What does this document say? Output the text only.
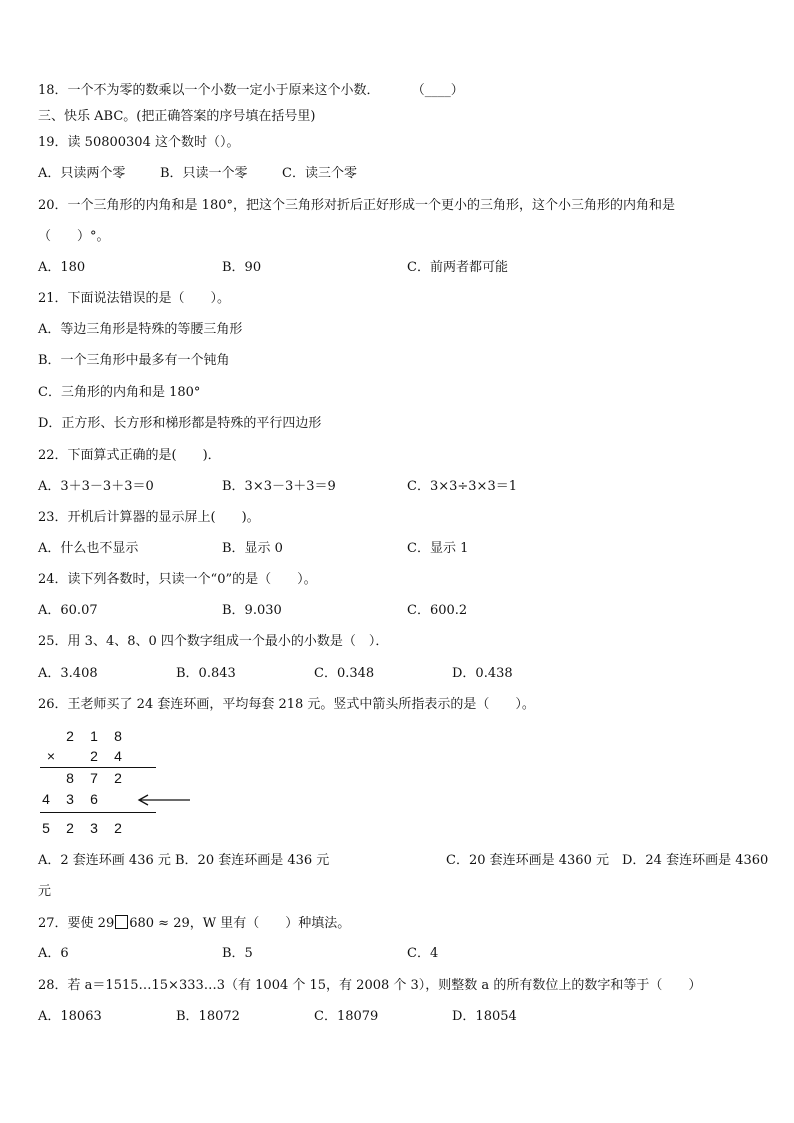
18．一个不为零的数乘以一个小数一定小于原来这个小数． （____）
三、快乐 ABC。(把正确答案的序号填在括号里)
19．读 50800304 这个数时（）。
A．只读两个零	B．只读一个零	C．读三个零
20．一个三角形的内角和是 180°，把这个三角形对折后正好形成一个更小的三角形，这个小三角形的内角和是
（　　）°。
A．180	B．90	C．前两者都可能
21．下面说法错误的是（　　）。
A．等边三角形是特殊的等腰三角形
B．一个三角形中最多有一个钝角
C．三角形的内角和是 180°
D．正方形、长方形和梯形都是特殊的平行四边形
22．下面算式正确的是(　　)．
A．3＋3－3＋3＝0	B．3×3－3＋3＝9	C．3×3÷3×3＝1
23．开机后计算器的显示屏上(　　)。
A．什么也不显示	B．显示 0	C．显示 1
24．读下列各数时，只读一个“0”的是（　　）。
A．60.07	B．9.030	C．600.2
25．用 3、4、8、0 四个数字组成一个最小的小数是（　）．
A．3.408	B．0.843	C．0.348	D．0.438
26．王老师买了 24 套连环画，平均每套 218 元。竖式中箭头所指表示的是（　　）。
2 1 8
×	2 4
8 7 2
4 3 6
5 2 3 2
A．2 套连环画 436 元 B．20 套连环画是 436 元	C．20 套连环画是 4360 元　D．24 套连环画是 4360
元
27．要使 29 680 ≈ 29，W 里有（　　）种填法。
A．6	B．5	C．4
28．若 a＝1515…15×333…3（有 1004 个 15，有 2008 个 3），则整数 a 的所有数位上的数字和等于（　　）
A．18063	B．18072	C．18079	D．18054
